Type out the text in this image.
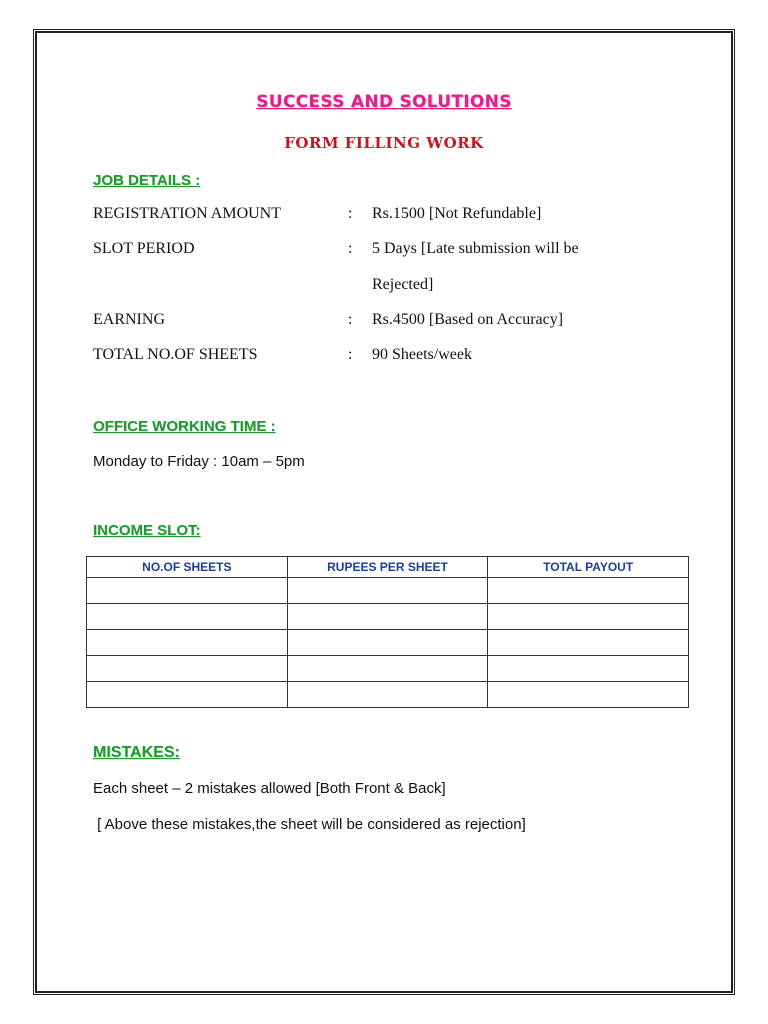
SUCCESS AND SOLUTIONS
FORM FILLING WORK
JOB DETAILS :
REGISTRATION AMOUNT	: Rs.1500 [Not Refundable]
SLOT PERIOD	: 5 Days [Late submission will be
Rejected]
EARNING	: Rs.4500 [Based on Accuracy]
TOTAL NO.OF SHEETS	: 90 Sheets/week
OFFICE WORKING TIME :
Monday to Friday : 10am – 5pm
INCOME SLOT:
NO.OF SHEETS	RUPEES PER SHEET	TOTAL PAYOUT

MISTAKES:
Each sheet – 2 mistakes allowed [Both Front & Back]
[ Above these mistakes,the sheet will be considered as rejection]
